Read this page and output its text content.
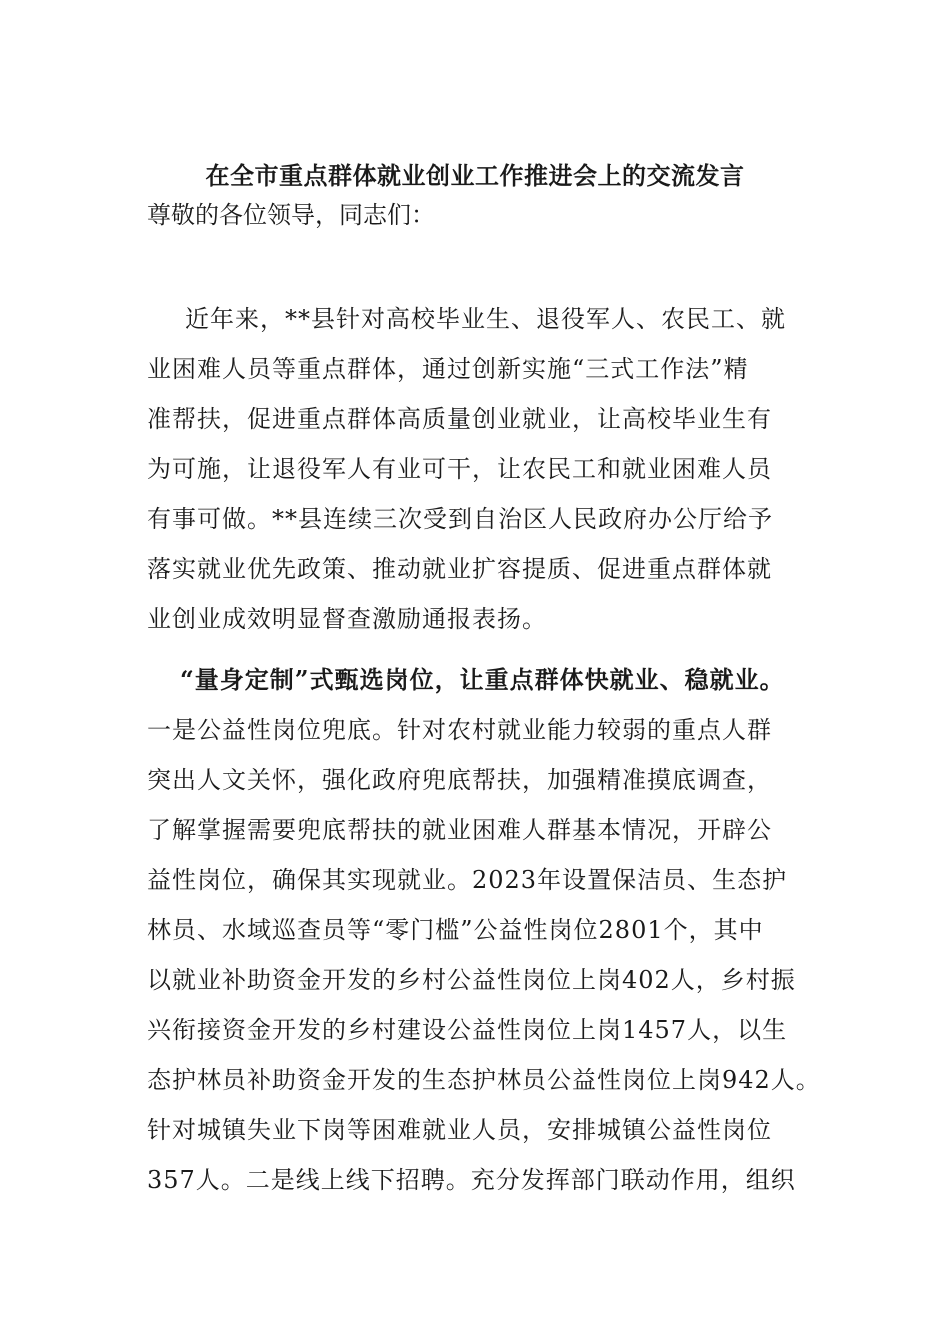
在全市重点群体就业创业工作推进会上的交流发言
尊敬的各位领导，同志们：
近年来，**县针对高校毕业生、退役军人、农民工、就
业困难人员等重点群体，通过创新实施“三式工作法”精
准帮扶，促进重点群体高质量创业就业，让高校毕业生有
为可施，让退役军人有业可干，让农民工和就业困难人员
有事可做。**县连续三次受到自治区人民政府办公厅给予
落实就业优先政策、推动就业扩容提质、促进重点群体就
业创业成效明显督查激励通报表扬。
“量身定制”式甄选岗位，让重点群体快就业、稳就业。
一是公益性岗位兜底。针对农村就业能力较弱的重点人群
突出人文关怀，强化政府兜底帮扶，加强精准摸底调查，
了解掌握需要兜底帮扶的就业困难人群基本情况，开辟公
益性岗位，确保其实现就业。2023年设置保洁员、生态护
林员、水域巡查员等“零门槛”公益性岗位2801个，其中
以就业补助资金开发的乡村公益性岗位上岗402人，乡村振
兴衔接资金开发的乡村建设公益性岗位上岗1457人，以生
态护林员补助资金开发的生态护林员公益性岗位上岗942人。
针对城镇失业下岗等困难就业人员，安排城镇公益性岗位
357人。二是线上线下招聘。充分发挥部门联动作用，组织
